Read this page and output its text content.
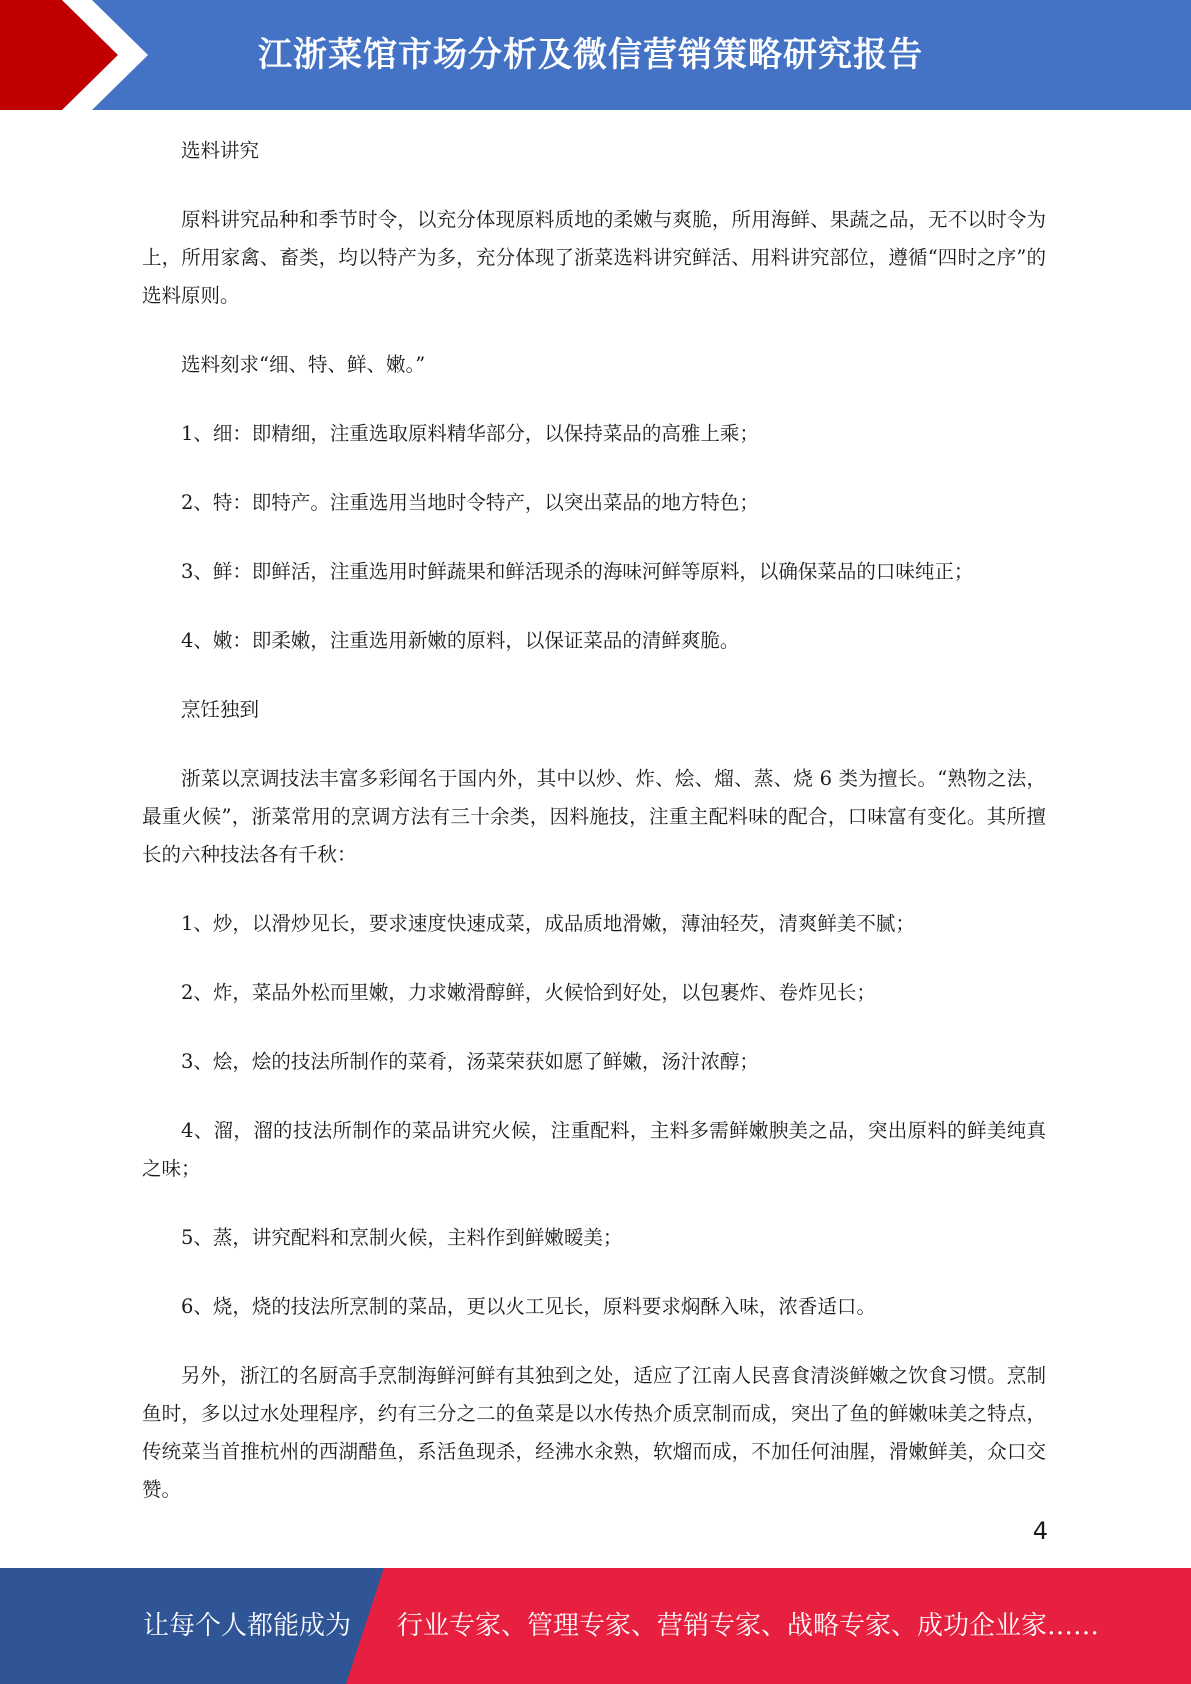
江浙菜馆市场分析及微信营销策略研究报告

选料讲究

原料讲究品种和季节时令，以充分体现原料质地的柔嫩与爽脆，所用海鲜、果蔬之品，无不以时令为上，所用家禽、畜类，均以特产为多，充分体现了浙菜选料讲究鲜活、用料讲究部位，遵循“四时之序”的选料原则。

选料刻求“细、特、鲜、嫩。”

1、细：即精细，注重选取原料精华部分，以保持菜品的高雅上乘；

2、特：即特产。注重选用当地时令特产，以突出菜品的地方特色；

3、鲜：即鲜活，注重选用时鲜蔬果和鲜活现杀的海味河鲜等原料，以确保菜品的口味纯正；

4、嫩：即柔嫩，注重选用新嫩的原料，以保证菜品的清鲜爽脆。

烹饪独到

浙菜以烹调技法丰富多彩闻名于国内外，其中以炒、炸、烩、熘、蒸、烧 6 类为擅长。“熟物之法，最重火候”，浙菜常用的烹调方法有三十余类，因料施技，注重主配料味的配合，口味富有变化。其所擅长的六种技法各有千秋：

1、炒，以滑炒见长，要求速度快速成菜，成品质地滑嫩，薄油轻芡，清爽鲜美不腻；

2、炸，菜品外松而里嫩，力求嫩滑醇鲜，火候恰到好处，以包裹炸、卷炸见长；

3、烩，烩的技法所制作的菜肴，汤菜荣获如愿了鲜嫩，汤汁浓醇；

4、溜，溜的技法所制作的菜品讲究火候，注重配料，主料多需鲜嫩腴美之品，突出原料的鲜美纯真之味；

5、蒸，讲究配料和烹制火候，主料作到鲜嫩暧美；

6、烧，烧的技法所烹制的菜品，更以火工见长，原料要求焖酥入味，浓香适口。

另外，浙江的名厨高手烹制海鲜河鲜有其独到之处，适应了江南人民喜食清淡鲜嫩之饮食习惯。烹制鱼时，多以过水处理程序，约有三分之二的鱼菜是以水传热介质烹制而成，突出了鱼的鲜嫩味美之特点，传统菜当首推杭州的西湖醋鱼，系活鱼现杀，经沸水汆熟，软熘而成，不加任何油腥，滑嫩鲜美，众口交赞。

4
让每个人都能成为 行业专家、管理专家、营销专家、战略专家、成功企业家……
